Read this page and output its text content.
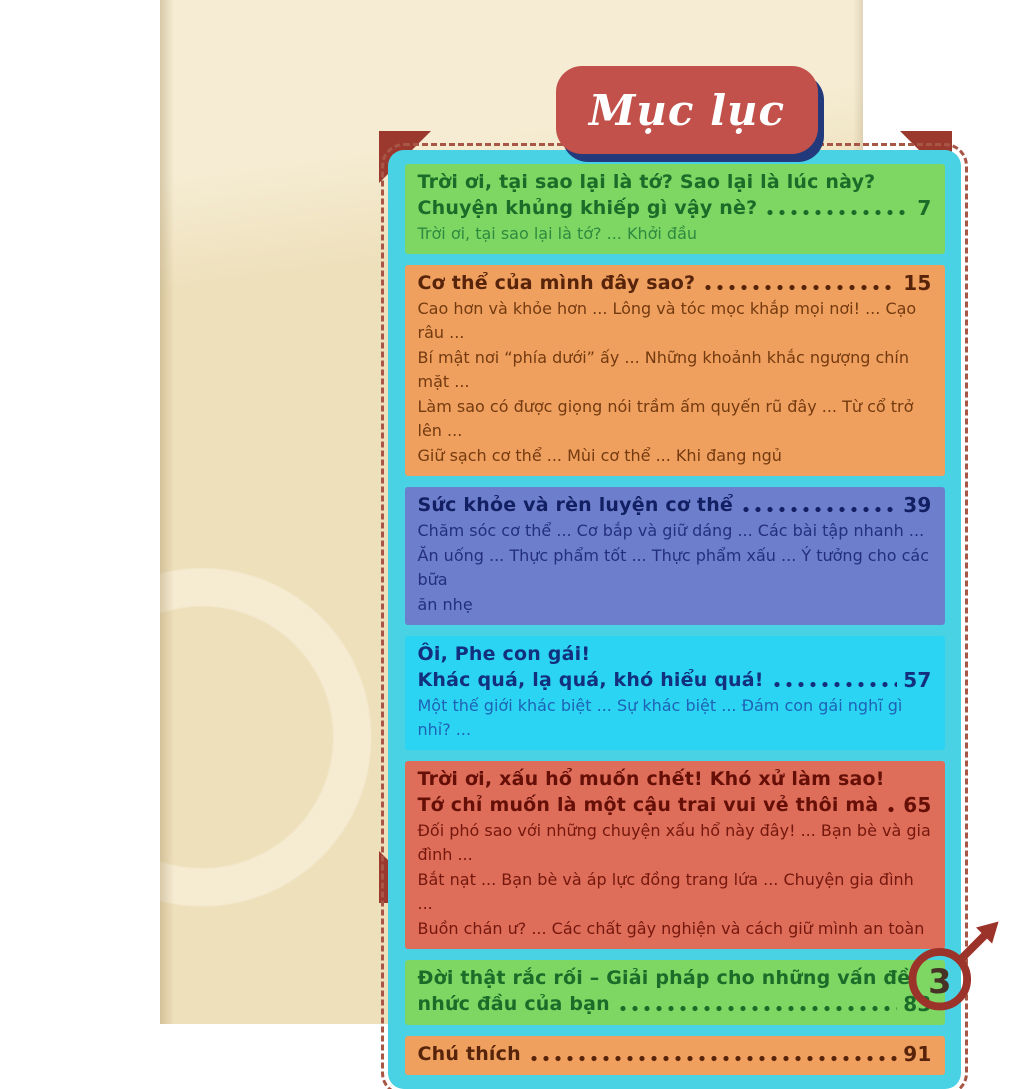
Trời ơi, tại sao lại là tớ? Sao lại là lúc này?
Chuyện khủng khiếp gì vậy nè?	7
Trời ơi, tại sao lại là tớ? ... Khởi đầu
Cơ thể của mình đây sao?	15
Cao hơn và khỏe hơn ... Lông và tóc mọc khắp mọi nơi! ... Cạo râu ...
Bí mật nơi “phía dưới” ấy ... Những khoảnh khắc ngượng chín mặt ...
Làm sao có được giọng nói trầm ấm quyến rũ đây ... Từ cổ trở lên ...
Giữ sạch cơ thể ... Mùi cơ thể ... Khi đang ngủ
Sức khỏe và rèn luyện cơ thể	39
Chăm sóc cơ thể ... Cơ bắp và giữ dáng ... Các bài tập nhanh ...
Ăn uống ... Thực phẩm tốt ... Thực phẩm xấu ... Ý tưởng cho các bữa
ăn nhẹ
Ôi, Phe con gái!
Khác quá, lạ quá, khó hiểu quá!	57
Một thế giới khác biệt ... Sự khác biệt ... Đám con gái nghĩ gì nhỉ? ...
Trời ơi, xấu hổ muốn chết! Khó xử làm sao!
Tớ chỉ muốn là một cậu trai vui vẻ thôi mà 65
Đối phó sao với những chuyện xấu hổ này đây! ... Bạn bè và gia đình ...
Bắt nạt ... Bạn bè và áp lực đồng trang lứa ... Chuyện gia đình ...
Buồn chán ư? ... Các chất gây nghiện và cách giữ mình an toàn
Đời thật rắc rối – Giải pháp cho những vấn đề
nhức đầu của bạn	83
Chú thích	91
Mục lục
3
